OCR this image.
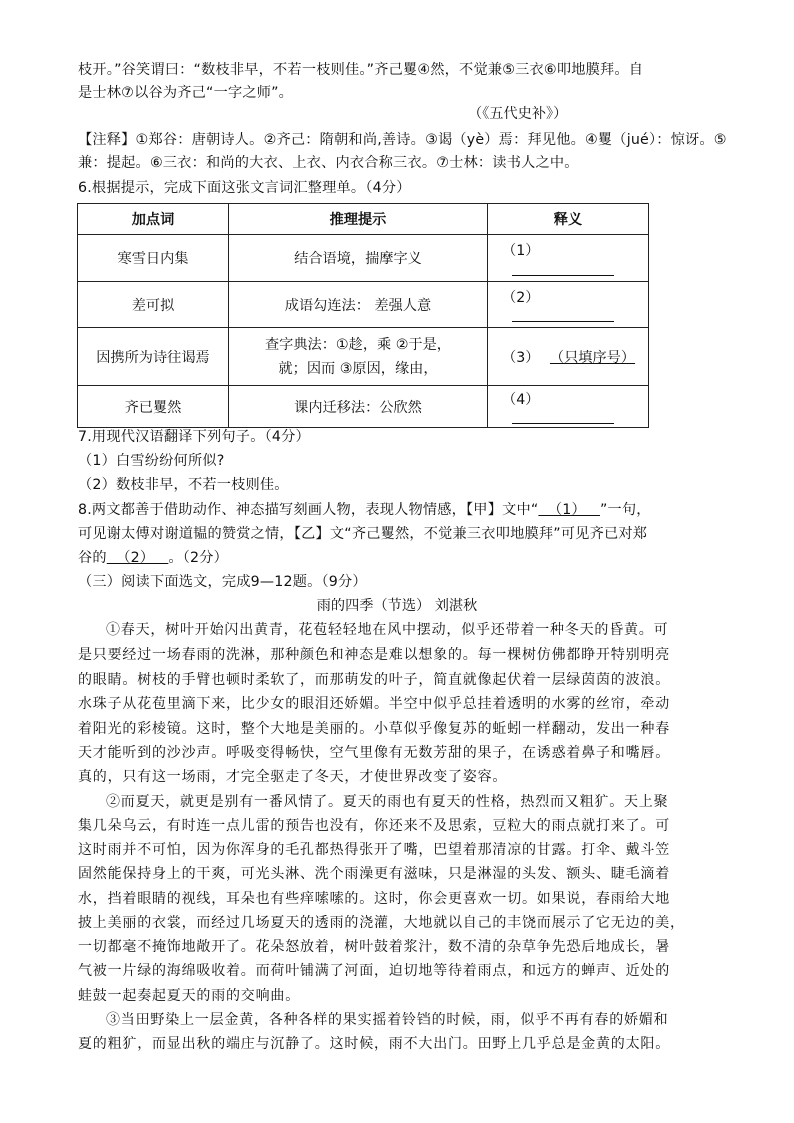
枝开。”谷笑谓曰：“数枝非早，不若一枝则佳。”齐己矍④然，不觉兼⑤三衣⑥叩地膜拜。自
是士林⑦以谷为齐己“一字之师”。
（《五代史补》）
【注释】①郑谷：唐朝诗人。②齐己：隋朝和尚,善诗。③谒（yè）焉：拜见他。④矍（jué）：惊讶。⑤
兼：提起。⑥三衣：和尚的大衣、上衣、内衣合称三衣。⑦士林：读书人之中。
6.根据提示，完成下面这张文言词汇整理单。（4分）
加点词	推理提示	释义
寒雪日内集	结合语境，揣摩字义	（1）
差可拟	成语勾连法： 差强人意	（2）
因携所为诗往谒焉	查字典法：①趁，乘 ②于是，
就；因而 ③原因，缘由，	（3） （只填序号）
齐已矍然	课内迁移法：公欣然	（4）
7.用现代汉语翻译下列句子。（4分）
（1）白雪纷纷何所似?
（2）数枝非早，不若一枝则佳。
8.两文都善于借助动作、神态描写刻画人物，表现人物情感，【甲】文中“  （1）   ”一句，
可见谢太傅对谢道韫的赞赏之情，【乙】文“齐己矍然，不觉兼三衣叩地膜拜”可见齐已对郑
谷的  （2）   。（2分）
（三）阅读下面选文，完成9—12题。（9分）
雨的四季（节选） 刘湛秋
①春天，树叶开始闪出黄青，花苞轻轻地在风中摆动，似乎还带着一种冬天的昏黄。可
是只要经过一场春雨的洗淋，那种颜色和神态是难以想象的。每一棵树仿佛都睁开特别明亮
的眼睛。树枝的手臂也顿时柔软了，而那萌发的叶子，简直就像起伏着一层绿茵茵的波浪。
水珠子从花苞里滴下来，比少女的眼泪还娇媚。半空中似乎总挂着透明的水雾的丝帘，牵动
着阳光的彩棱镜。这时，整个大地是美丽的。小草似乎像复苏的蚯蚓一样翻动，发出一种春
天才能听到的沙沙声。呼吸变得畅快，空气里像有无数芳甜的果子，在诱惑着鼻子和嘴唇。
真的，只有这一场雨，才完全驱走了冬天，才使世界改变了姿容。
②而夏天，就更是别有一番风情了。夏天的雨也有夏天的性格，热烈而又粗犷。天上聚
集几朵乌云，有时连一点儿雷的预告也没有，你还来不及思索，豆粒大的雨点就打来了。可
这时雨并不可怕，因为你浑身的毛孔都热得张开了嘴，巴望着那清凉的甘露。打伞、戴斗笠
固然能保持身上的干爽，可光头淋、洗个雨澡更有滋味，只是淋湿的头发、额头、睫毛滴着
水，挡着眼睛的视线，耳朵也有些痒嗦嗦的。这时，你会更喜欢一切。如果说，春雨给大地
披上美丽的衣裳，而经过几场夏天的透雨的浇灌，大地就以自己的丰饶而展示了它无边的美，
一切都毫不掩饰地敞开了。花朵怒放着，树叶鼓着浆汁，数不清的杂草争先恐后地成长，暑
气被一片绿的海绵吸收着。而荷叶铺满了河面，迫切地等待着雨点，和远方的蝉声、近处的
蛙鼓一起奏起夏天的雨的交响曲。
③当田野染上一层金黄，各种各样的果实摇着铃铛的时候，雨，似乎不再有春的娇媚和
夏的粗犷，而显出秋的端庄与沉静了。这时候，雨不大出门。田野上几乎总是金黄的太阳。
